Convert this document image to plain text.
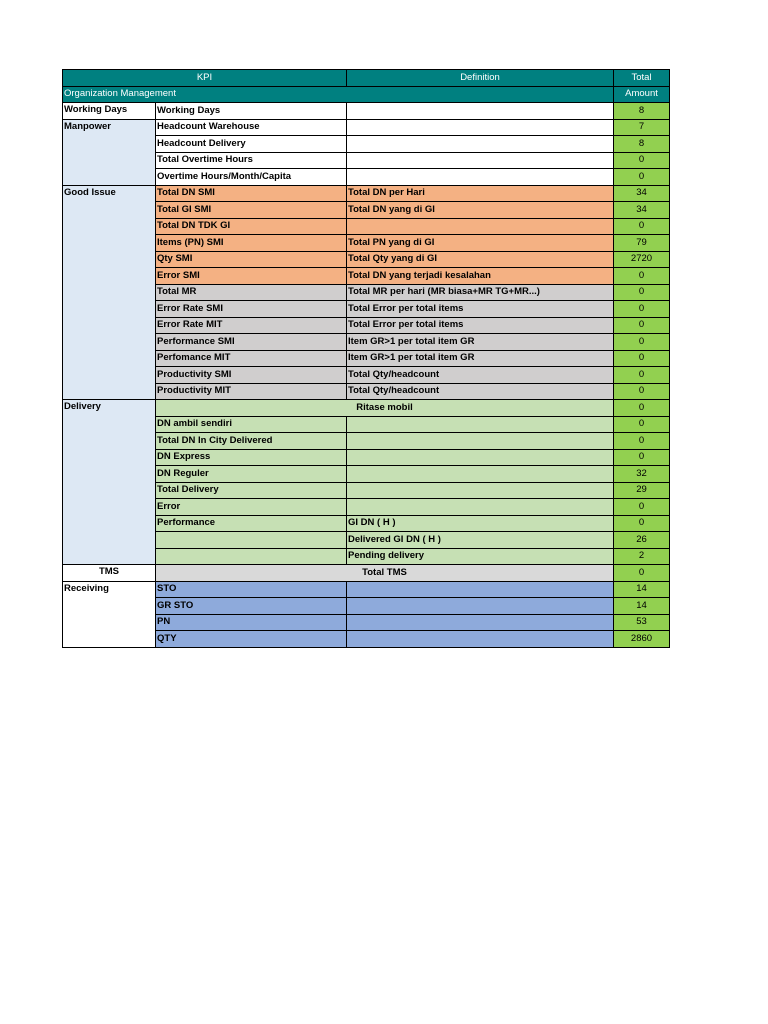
KPI		Definition	Total
Organization Management			Amount
Working Days	Working Days		8
Manpower	Headcount Warehouse		7
	Headcount Delivery		8
	Total Overtime Hours		0
	Overtime Hours/Month/Capita		0
Good Issue	Total DN SMI	Total DN per Hari	34
	Total GI SMI	Total DN yang di GI	34
	Total DN TDK GI		0
	Items (PN) SMI	Total PN yang di GI	79
	Qty SMI	Total Qty yang di GI	2720
	Error SMI	Total DN yang terjadi kesalahan	0
	Total MR	Total MR per hari (MR biasa+MR TG+MR...)	0
	Error Rate SMI	Total Error per total items	0
	Error Rate MIT	Total Error per total items	0
	Performance SMI	Item GR>1 per total item GR	0
	Perfomance MIT	Item GR>1 per total item GR	0
	Productivity SMI	Total Qty/headcount	0
	Productivity MIT	Total Qty/headcount	0
Delivery	Ritase mobil		0
	DN ambil sendiri		0
	Total DN In City Delivered		0
	DN Express		0
	DN Reguler		32
	Total Delivery		29
	Error		0
	Performance	GI DN ( H )	0
		Delivered GI DN ( H )	26
		Pending delivery	2
TMS	Total TMS		0
Receiving	STO		14
	GR STO		14
	PN		53
	QTY		2860
